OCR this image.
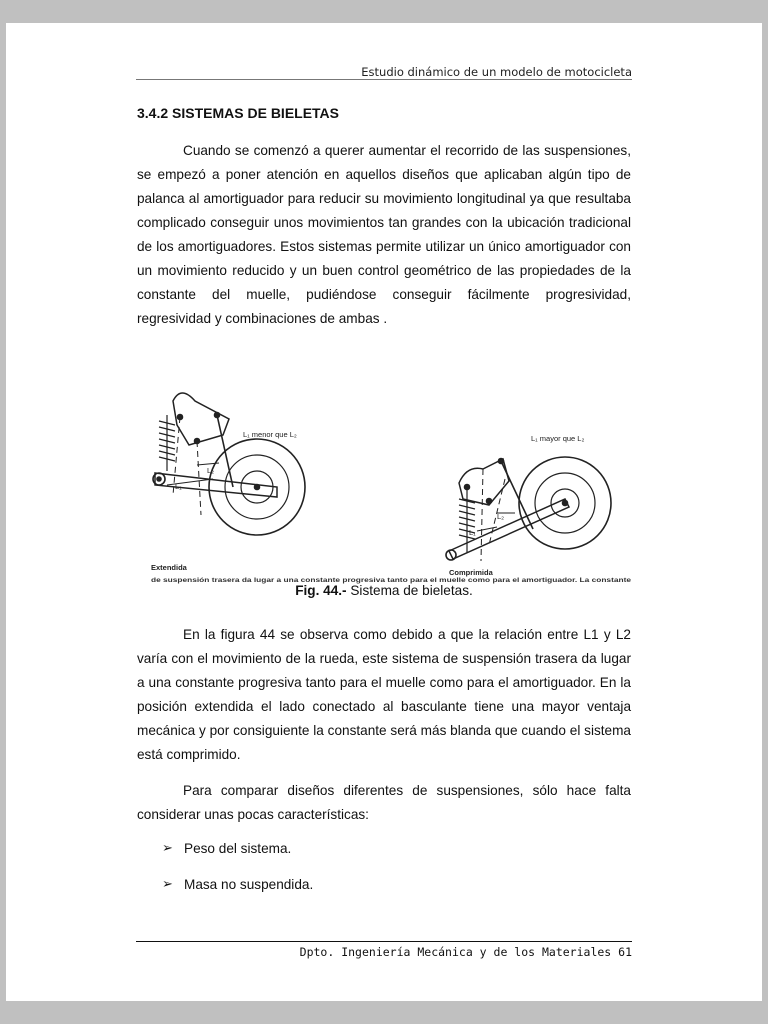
Estudio dinámico de un modelo de motocicleta
3.4.2 SISTEMAS DE BIELETAS

Cuando se comenzó a querer aumentar el recorrido de las suspensiones, se empezó a poner atención en aquellos diseños que aplicaban algún tipo de palanca al amortiguador para reducir su movimiento longitudinal ya que resultaba complicado conseguir unos movimientos tan grandes con la ubicación tradicional de los amortiguadores. Estos sistemas permite utilizar un único amortiguador con un movimiento reducido y un buen control geométrico de las propiedades de la constante del muelle, pudiéndose conseguir fácilmente progresividad, regresividad y combinaciones de ambas .

L₁ menor que L₂
L₂
L₁
Extendida
L₁ mayor que L₂
L₂
L₁
Comprimida
de suspensión trasera da lugar a una constante progresiva tanto para el muelle como para el amortiguador. La constante
Fig. 44.- Sistema de bieletas.

En la figura 44 se observa como debido a que la relación entre L1 y L2 varía con el movimiento de la rueda, este sistema de suspensión trasera da lugar a una constante progresiva tanto para el muelle como para el amortiguador. En la posición extendida el lado conectado al basculante tiene una mayor ventaja mecánica y por consiguiente la constante será más blanda que cuando el sistema está comprimido.

Para comparar diseños diferentes de suspensiones, sólo hace falta considerar unas pocas características:

➢ Peso del sistema.
➢ Masa no suspendida.
Dpto. Ingeniería Mecánica y de los Materiales 61
